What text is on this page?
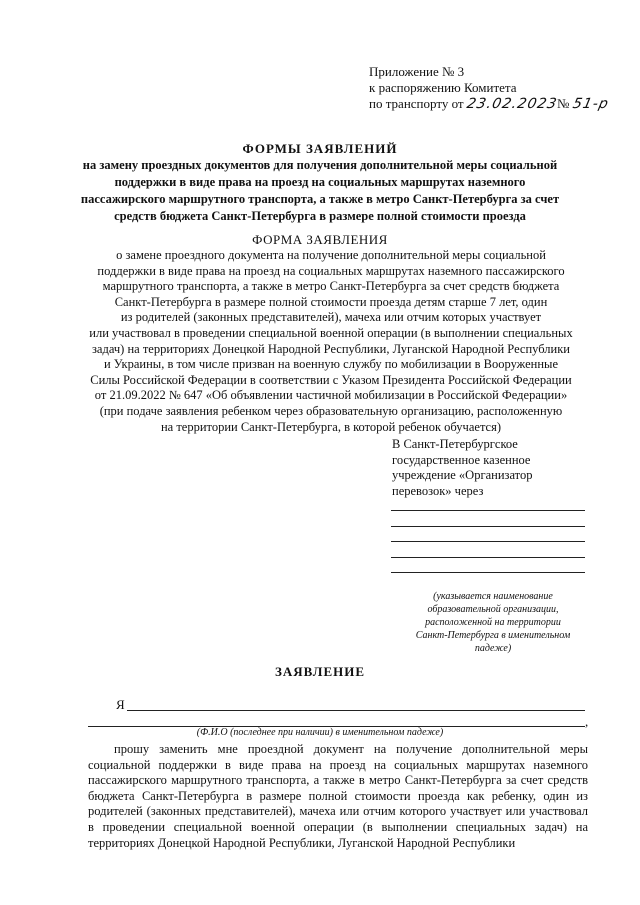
Приложение № 3
к распоряжению Комитета
по транспорту от 23.02.2023№ 51-р
ФОРМЫ ЗАЯВЛЕНИЙ
на замену проездных документов для получения дополнительной меры социальной
поддержки в виде права на проезд на социальных маршрутах наземного
пассажирского маршрутного транспорта, а также в метро Санкт-Петербурга за счет
средств бюджета Санкт-Петербурга в размере полной стоимости проезда
ФОРМА ЗАЯВЛЕНИЯ
о замене проездного документа на получение дополнительной меры социальной
поддержки в виде права на проезд на социальных маршрутах наземного пассажирского
маршрутного транспорта, а также в метро Санкт-Петербурга за счет средств бюджета
Санкт-Петербурга в размере полной стоимости проезда детям старше 7 лет, один
из родителей (законных представителей), мачеха или отчим которых участвует
или участвовал в проведении специальной военной операции (в выполнении специальных
задач) на территориях Донецкой Народной Республики, Луганской Народной Республики
и Украины, в том числе призван на военную службу по мобилизации в Вооруженные
Силы Российской Федерации в соответствии с Указом Президента Российской Федерации
от 21.09.2022 № 647 «Об объявлении частичной мобилизации в Российской Федерации»
(при подаче заявления ребенком через образовательную организацию, расположенную
на территории Санкт-Петербурга, в которой ребенок обучается)
В Санкт-Петербургское
государственное казенное
учреждение «Организатор
перевозок» через
(указывается наименование
образовательной организации,
расположенной на территории
Санкт-Петербурга в именительном
падеже)
ЗАЯВЛЕНИЕ
Я
,
(Ф.И.О (последнее при наличии) в именительном падеже)
прошу заменить мне проездной документ на получение дополнительной меры социальной поддержки в виде права на проезд на социальных маршрутах наземного пассажирского маршрутного транспорта, а также в метро Санкт-Петербурга за счет средств бюджета Санкт-Петербурга в размере полной стоимости проезда как ребенку, один из родителей (законных представителей), мачеха или отчим которого участвует или участвовал в проведении специальной военной операции (в выполнении специальных задач) на территориях Донецкой Народной Республики, Луганской Народной Республики
